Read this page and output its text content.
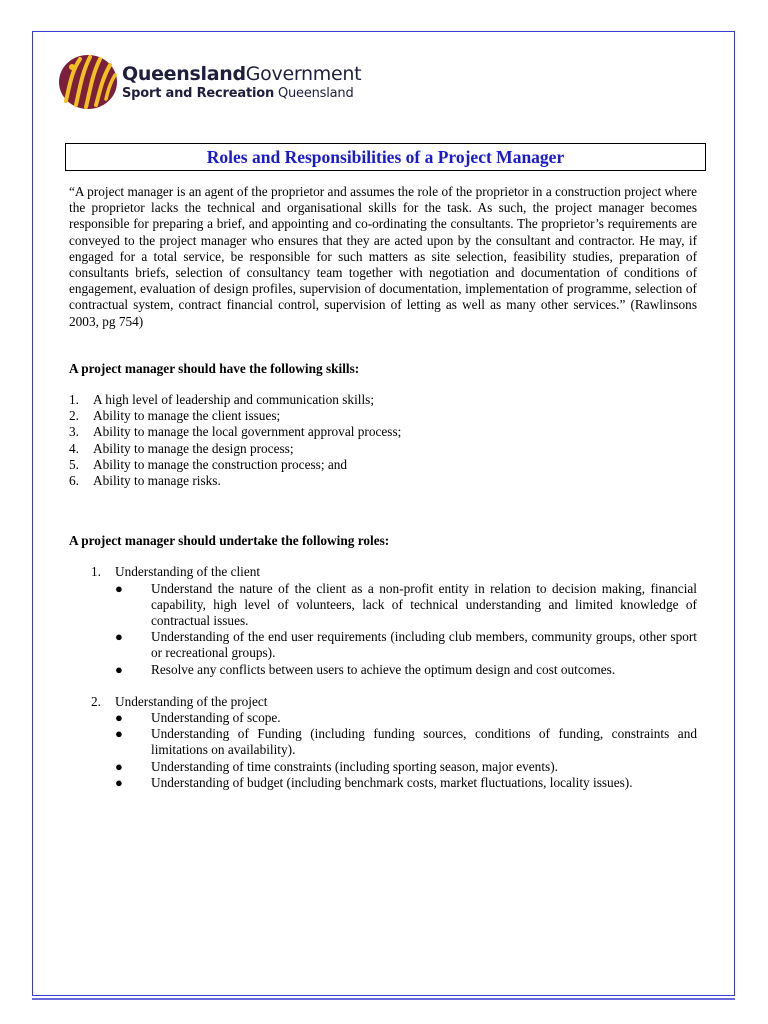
QueenslandGovernment
Sport and Recreation Queensland
Roles and Responsibilities of a Project Manager

“A project manager is an agent of the proprietor and assumes the role of the proprietor in a construction project where the proprietor lacks the technical and organisational skills for the task. As such, the project manager becomes responsible for preparing a brief, and appointing and co-ordinating the consultants. The proprietor’s requirements are conveyed to the project manager who ensures that they are acted upon by the consultant and contractor. He may, if engaged for a total service, be responsible for such matters as site selection, feasibility studies, preparation of consultants briefs, selection of consultancy team together with negotiation and documentation of conditions of engagement, evaluation of design profiles, supervision of documentation, implementation of programme, selection of contractual system, contract financial control, supervision of letting as well as many other services.” (Rawlinsons 2003, pg 754)

A project manager should have the following skills:

1. A high level of leadership and communication skills;
2. Ability to manage the client issues;
3. Ability to manage the local government approval process;
4. Ability to manage the design process;
5. Ability to manage the construction process; and
6. Ability to manage risks.

A project manager should undertake the following roles:

1. Understanding of the client
● Understand the nature of the client as a non-profit entity in relation to decision making, financial capability, high level of volunteers, lack of technical understanding and limited knowledge of contractual issues.
● Understanding of the end user requirements (including club members, community groups, other sport or recreational groups).
● Resolve any conflicts between users to achieve the optimum design and cost outcomes.
2. Understanding of the project
● Understanding of scope.
● Understanding of Funding (including funding sources, conditions of funding, constraints and limitations on availability).
● Understanding of time constraints (including sporting season, major events).
● Understanding of budget (including benchmark costs, market fluctuations, locality issues).
